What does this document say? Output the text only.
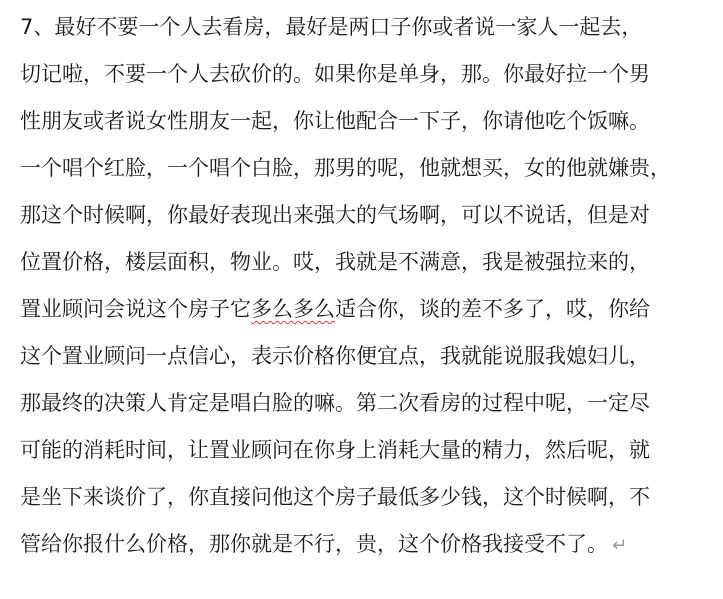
7、最好不要一个人去看房，最好是两口子你或者说一家人一起去，
切记啦，不要一个人去砍价的。如果你是单身，那。你最好拉一个男
性朋友或者说女性朋友一起，你让他配合一下子，你请他吃个饭嘛。
一个唱个红脸，一个唱个白脸，那男的呢，他就想买，女的他就嫌贵，
那这个时候啊，你最好表现出来强大的气场啊，可以不说话，但是对
位置价格，楼层面积，物业。哎，我就是不满意，我是被强拉来的，
置业顾问会说这个房子它多么多么适合你，谈的差不多了，哎，你给
这个置业顾问一点信心，表示价格你便宜点，我就能说服我媳妇儿，
那最终的决策人肯定是唱白脸的嘛。第二次看房的过程中呢，一定尽
可能的消耗时间，让置业顾问在你身上消耗大量的精力，然后呢，就
是坐下来谈价了，你直接问他这个房子最低多少钱，这个时候啊，不
管给你报什么价格，那你就是不行，贵，这个价格我接受不了。 ↵
